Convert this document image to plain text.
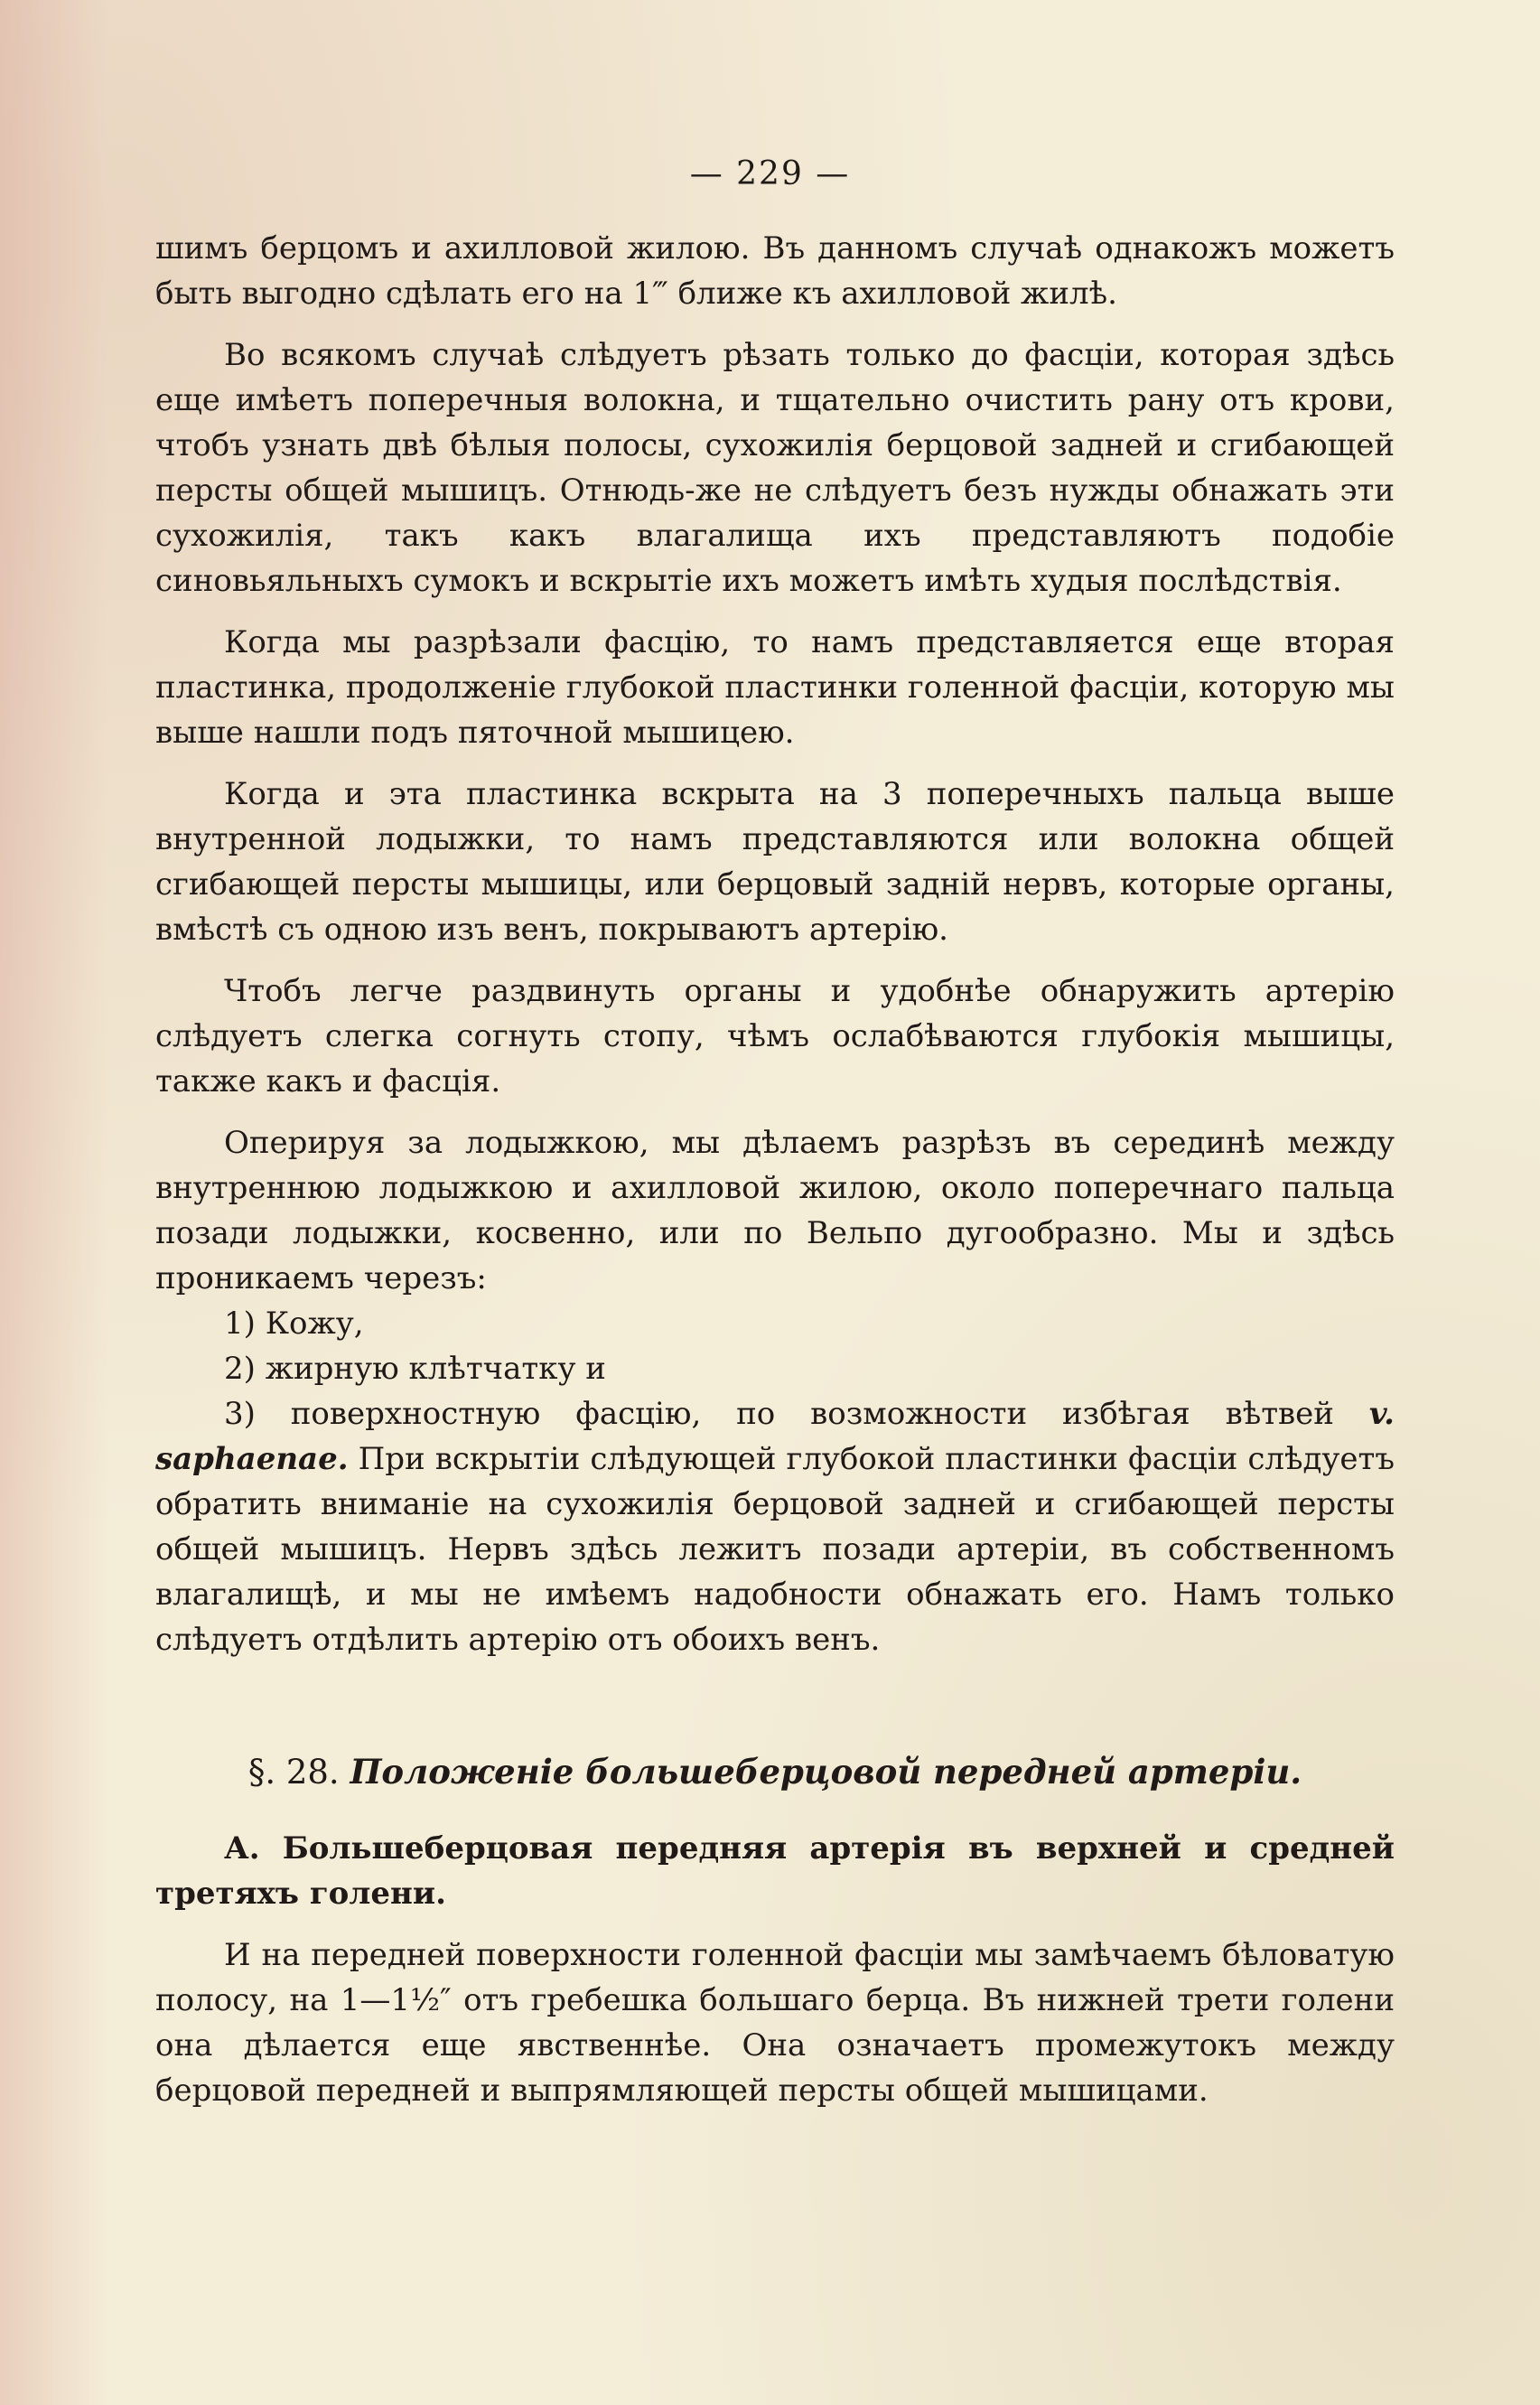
— 229 —

шимъ берцомъ и ахилловой жилою. Въ данномъ случаѣ однакожъ можетъ быть выгодно сдѣлать его на 1‴ ближе къ ахилловой жилѣ.

Во всякомъ случаѣ слѣдуетъ рѣзать только до фасціи, которая здѣсь еще имѣетъ поперечныя волокна, и тщательно очистить рану отъ крови, чтобъ узнать двѣ бѣлыя полосы, сухожилія берцовой задней и сгибающей персты общей мышицъ. Отнюдь-же не слѣдуетъ безъ нужды обнажать эти сухожилія, такъ какъ влагалища ихъ представляютъ подобіе синовьяльныхъ сумокъ и вскрытіе ихъ можетъ имѣть худыя послѣдствія.

Когда мы разрѣзали фасцію, то намъ представляется еще вторая пластинка, продолженіе глубокой пластинки голенной фасціи, которую мы выше нашли подъ пяточной мышицею.

Когда и эта пластинка вскрыта на 3 поперечныхъ пальца выше внутренной лодыжки, то намъ представляются или волокна общей сгибающей персты мышицы, или берцовый задній нервъ, которые органы, вмѣстѣ съ одною изъ венъ, покрываютъ артерію.

Чтобъ легче раздвинуть органы и удобнѣе обнаружить артерію слѣдуетъ слегка согнуть стопу, чѣмъ ослабѣваются глубокія мышицы, также какъ и фасція.

Оперируя за лодыжкою, мы дѣлаемъ разрѣзъ въ серединѣ между внутреннюю лодыжкою и ахилловой жилою, около поперечнаго пальца позади лодыжки, косвенно, или по Вельпо дугообразно. Мы и здѣсь проникаемъ черезъ:

1) Кожу,

2) жирную клѣтчатку и

3) поверхностную фасцію, по возможности избѣгая вѣтвей v. saphaenae. При вскрытіи слѣдующей глубокой пластинки фасціи слѣдуетъ обратить вниманіе на сухожилія берцовой задней и сгибающей персты общей мышицъ. Нервъ здѣсь лежитъ позади артеріи, въ собственномъ влагалищѣ, и мы не имѣемъ надобности обнажать его. Намъ только слѣдуетъ отдѣлить артерію отъ обоихъ венъ.

§. 28. Положеніе большеберцовой передней артеріи.

А. Большеберцовая передняя артерія въ верхней и средней третяхъ голени.

И на передней поверхности голенной фасціи мы замѣчаемъ бѣловатую полосу, на 1—1½″ отъ гребешка большаго берца. Въ нижней трети голени она дѣлается еще явственнѣе. Она означаетъ промежутокъ между берцовой передней и выпрямляющей персты общей мышицами.
